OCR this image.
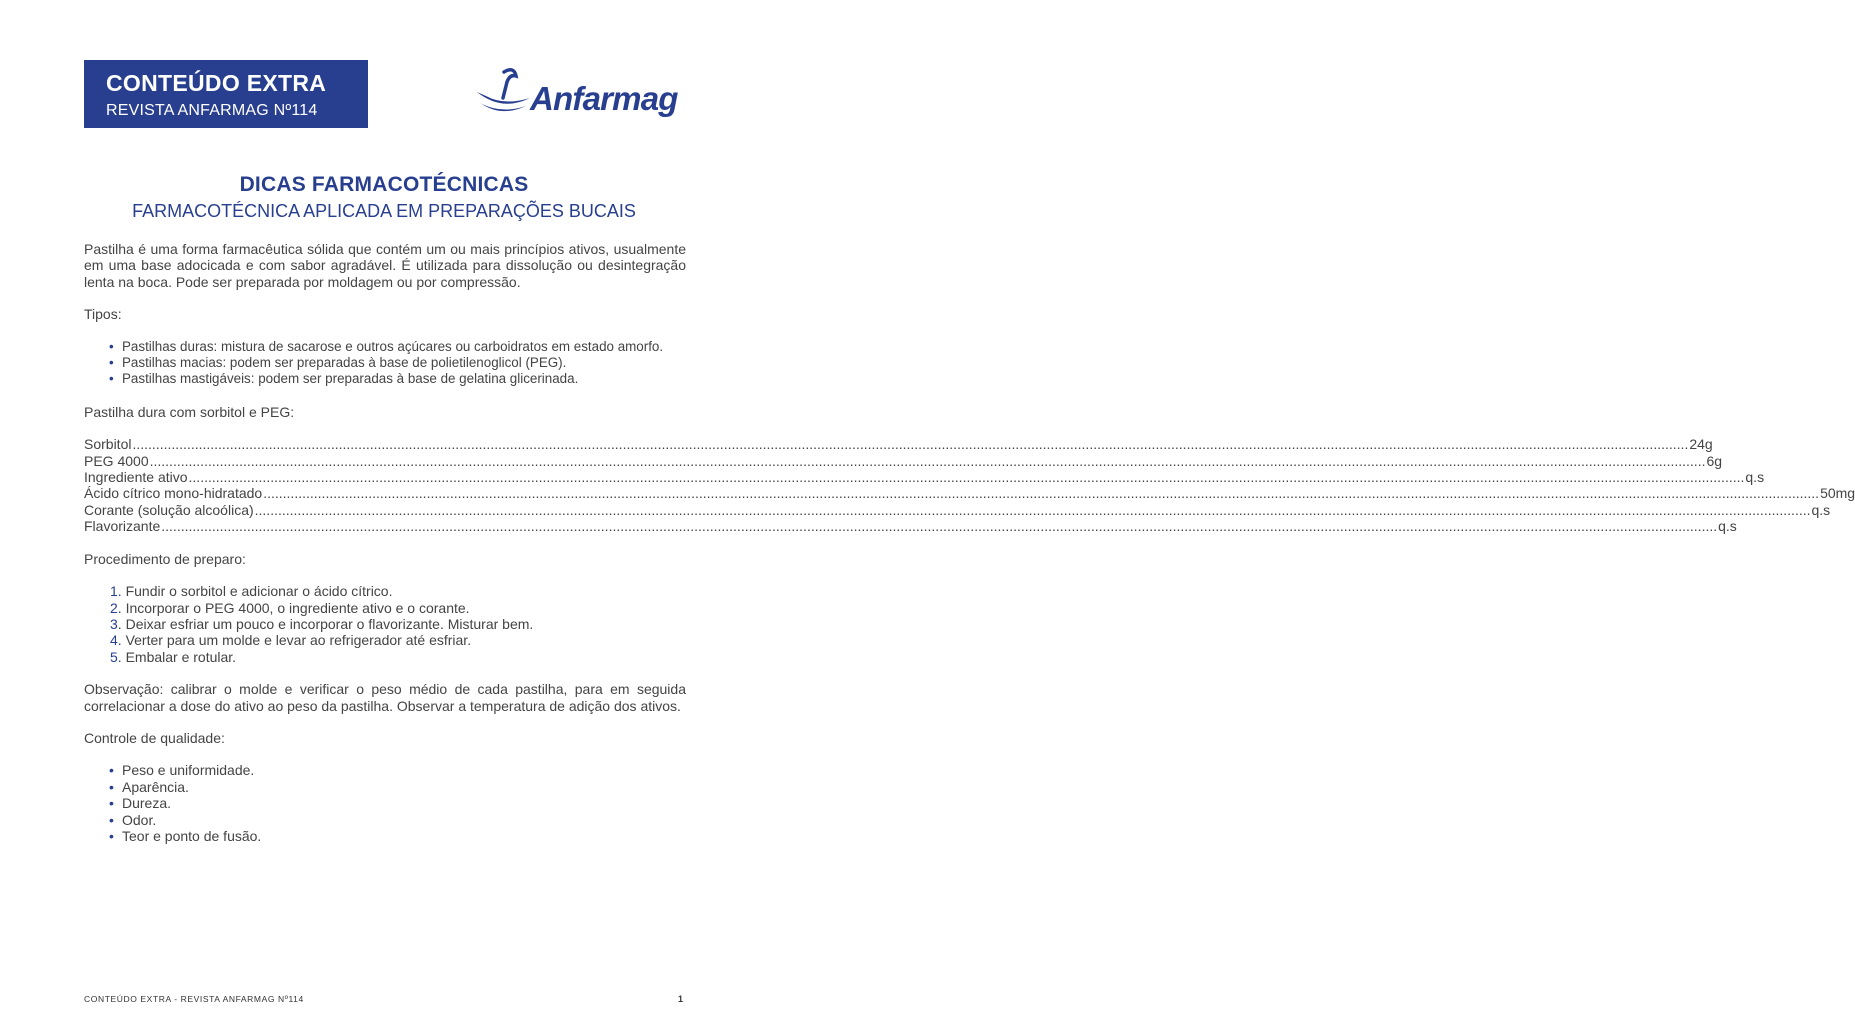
CONTEÚDO EXTRA
REVISTA ANFARMAG Nº114	Anfarmag
DICAS FARMACOTÉCNICAS
FARMACOTÉCNICA APLICADA EM PREPARAÇÕES BUCAIS

Pastilha é uma forma farmacêutica sólida que contém um ou mais princípios ativos, usualmente em uma base adocicada e com sabor agradável. É utilizada para dissolução ou desintegração lenta na boca. Pode ser preparada por moldagem ou por compressão.

Tipos:
• Pastilhas duras: mistura de sacarose e outros açúcares ou carboidratos em estado amorfo.
• Pastilhas macias: podem ser preparadas à base de polietilenoglicol (PEG).
• Pastilhas mastigáveis: podem ser preparadas à base de gelatina glicerinada.
Pastilha dura com sorbitol e PEG:
Sorbitol ................................................................................................................................................................................................................................................................................................................................................................................................................ 24g
PEG 4000 ................................................................................................................................................................................................................................................................................................................................................................................................................ 6g
Ingrediente ativo ................................................................................................................................................................................................................................................................................................................................................................................................................ q.s
Ácido cítrico mono-hidratado ................................................................................................................................................................................................................................................................................................................................................................................................................ 50mg
Corante (solução alcoólica) ................................................................................................................................................................................................................................................................................................................................................................................................................ q.s
Flavorizante ................................................................................................................................................................................................................................................................................................................................................................................................................ q.s
Procedimento de preparo:
1. Fundir o sorbitol e adicionar o ácido cítrico.
2. Incorporar o PEG 4000, o ingrediente ativo e o corante.
3. Deixar esfriar um pouco e incorporar o flavorizante. Misturar bem.
4. Verter para um molde e levar ao refrigerador até esfriar.
5. Embalar e rotular.

Observação: calibrar o molde e verificar o peso médio de cada pastilha, para em seguida correlacionar a dose do ativo ao peso da pastilha. Observar a temperatura de adição dos ativos.

Controle de qualidade:
• Peso e uniformidade.
• Aparência.
• Dureza.
• Odor.
• Teor e ponto de fusão.
CONTEÚDO EXTRA - REVISTA ANFARMAG Nº114	1
